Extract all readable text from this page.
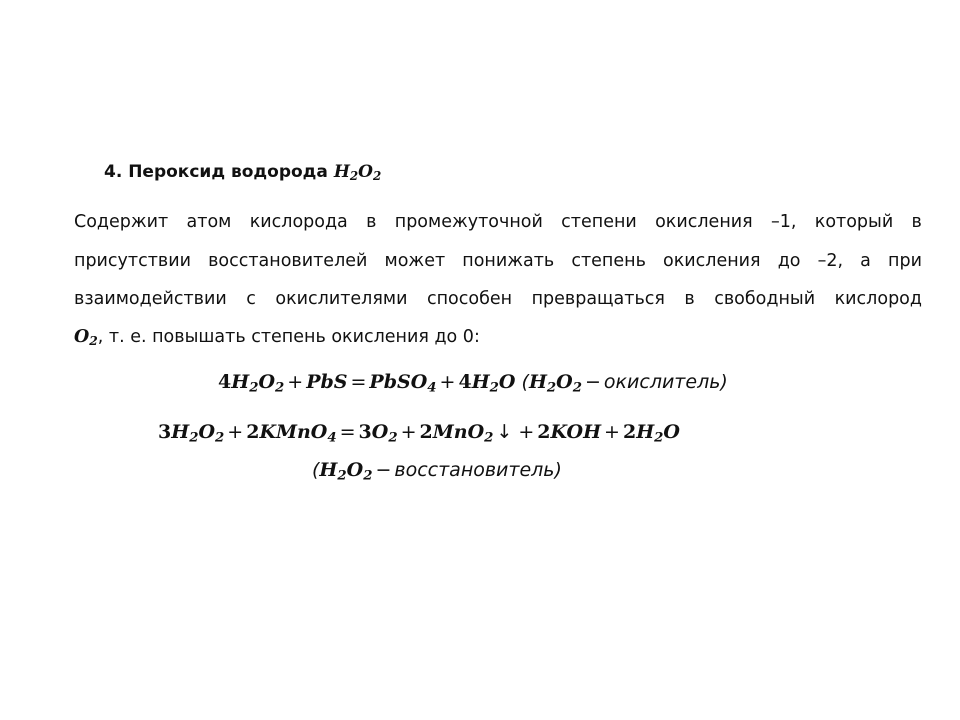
4. Пероксид водорода $H_2O_2$
Содержит атом кислорода в промежуточной степени окисления –1, который в
присутствии восстановителей может понижать степень окисления до –2, а при
взаимодействии с окислителями способен превращаться в свободный кислород
$O_2$, т. е. повышать степень окисления до 0:
$4H_2O_2$ + PbS = PbSO$_4$ + $4H_2O$ ($H_2O_2$ − окислитель)
$3H_2O_2$ + 2KMnO$_4$ = $3O_2 + 2MnO_2$ ↓ + $2KOH + 2H_2O$
($H_2O_2$ − восстановитель)
